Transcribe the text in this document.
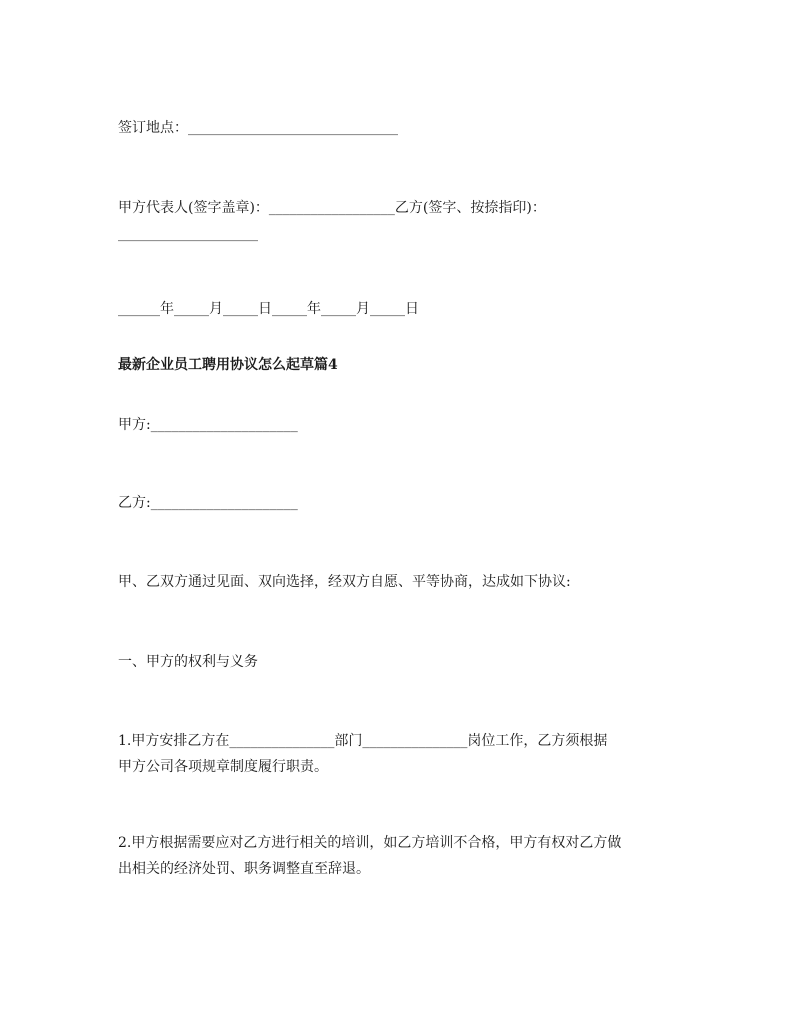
签订地点：______________________________
甲方代表人(签字盖章)：__________________乙方(签字、按捺指印)：
____________________
______年_____月_____日_____年_____月_____日
最新企业员工聘用协议怎么起草篇4
甲方:_____________________
乙方:_____________________
甲、乙双方通过见面、双向选择，经双方自愿、平等协商，达成如下协议:
一、甲方的权利与义务
1.甲方安排乙方在_______________部门_______________岗位工作，乙方须根据
甲方公司各项规章制度履行职责。
2.甲方根据需要应对乙方进行相关的培训，如乙方培训不合格，甲方有权对乙方做
出相关的经济处罚、职务调整直至辞退。
